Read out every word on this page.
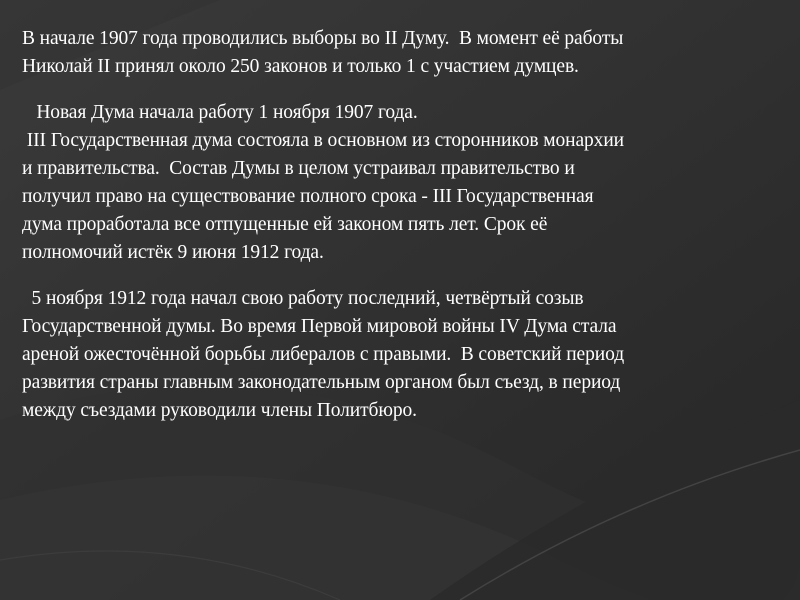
В начале 1907 года проводились выборы во II Думу.  В момент её работы

Николай II принял около 250 законов и только 1 с участием думцев.

Новая Дума начала работу 1 ноября 1907 года.

III Государственная дума состояла в основном из сторонников монархии

и правительства.  Состав Думы в целом устраивал правительство и

получил право на существование полного срока - III Государственная

дума проработала все отпущенные ей законом пять лет. Срок её

полномочий истёк 9 июня 1912 года.

5 ноября 1912 года начал свою работу последний, четвёртый созыв

Государственной думы. Во время Первой мировой войны IV Дума стала

ареной ожесточённой борьбы либералов с правыми.  В советский период

развития страны главным законодательным органом был съезд, в период

между съездами руководили члены Политбюро.
